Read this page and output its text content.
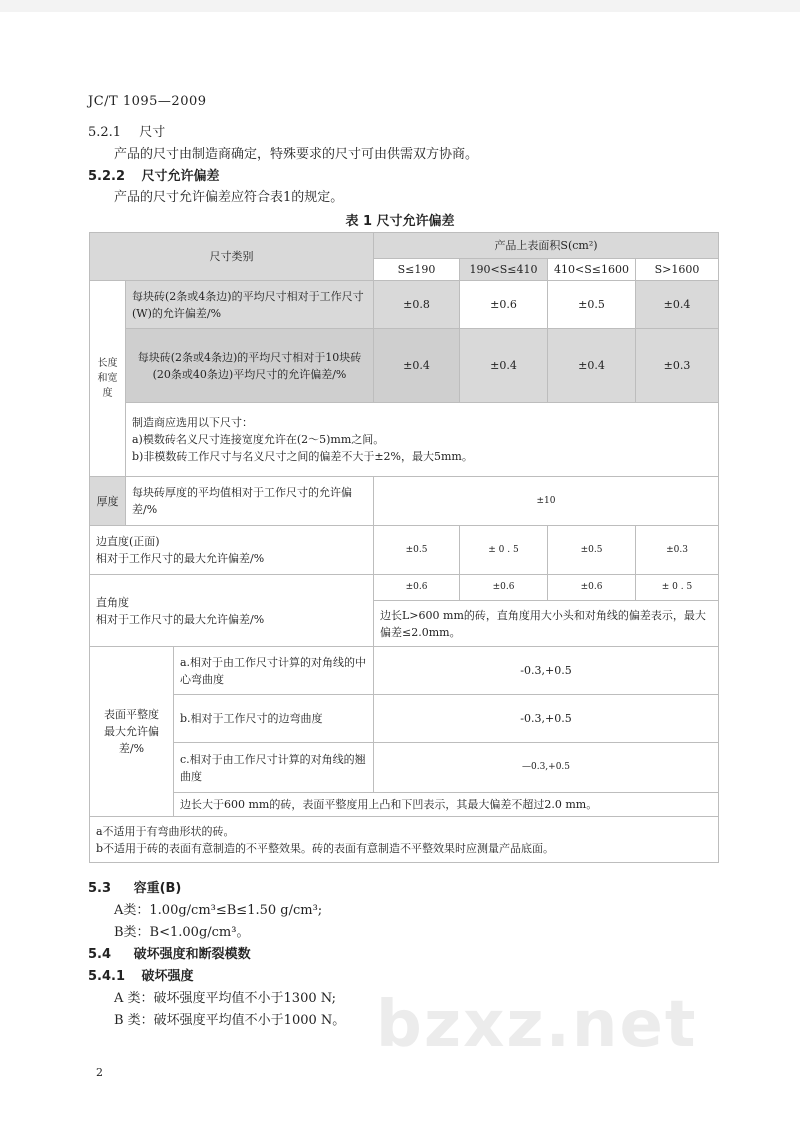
JC/T 1095—2009
5.2.1 尺寸
产品的尺寸由制造商确定，特殊要求的尺寸可由供需双方协商。
5.2.2 尺寸允许偏差
产品的尺寸允许偏差应符合表1的规定。
表 1 尺寸允许偏差
尺寸类别			产品上表面积S(cm²)			
			S≤190	190<S≤410	410<S≤1600	S>1600
长度和宽度	每块砖(2条或4条边)的平均尺寸相对于工作尺寸(W)的允许偏差/%		±0.8	±0.6	±0.5	±0.4
	每块砖(2条或4条边)的平均尺寸相对于10块砖(20条或40条边)平均尺寸的允许偏差/%		±0.4	±0.4	±0.4	±0.3

	制造商应选用以下尺寸：
a)模数砖名义尺寸连接宽度允许在(2～5)mm之间。
b)非模数砖工作尺寸与名义尺寸之间的偏差不大于±2%，最大5mm。					

厚度	每块砖厚度的平均值相对于工作尺寸的允许偏差/%		±10			

边直度(正面)
相对于工作尺寸的最大允许偏差/%			±0.5	± 0 . 5	±0.5	±0.3

直角度
相对于工作尺寸的最大允许偏差/%			±0.6	±0.6	±0.6	± 0 . 5
			边长L>600 mm的砖，直角度用大小头和对角线的偏差表示，最大偏差≤2.0mm。			
表面平整度最大允许偏差/%		a.相对于由工作尺寸计算的对角线的中心弯曲度	-0.3,+0.5			
		b.相对于工作尺寸的边弯曲度	-0.3,+0.5			
		c.相对于由工作尺寸计算的对角线的翘曲度	—0.3,+0.5			
		边长大于600 mm的砖，表面平整度用上凸和下凹表示，其最大偏差不超过2.0 mm。				

a不适用于有弯曲形状的砖。
b不适用于砖的表面有意制造的不平整效果。砖的表面有意制造不平整效果时应测量产品底面。						
5.3 容重(B)
A类：1.00g/cm³≤B≤1.50 g/cm³;
B类：B<1.00g/cm³。
5.4 破坏强度和断裂模数
5.4.1 破坏强度
A 类：破坏强度平均值不小于1300 N;
B 类：破坏强度平均值不小于1000 N。 bzxz.net
2
